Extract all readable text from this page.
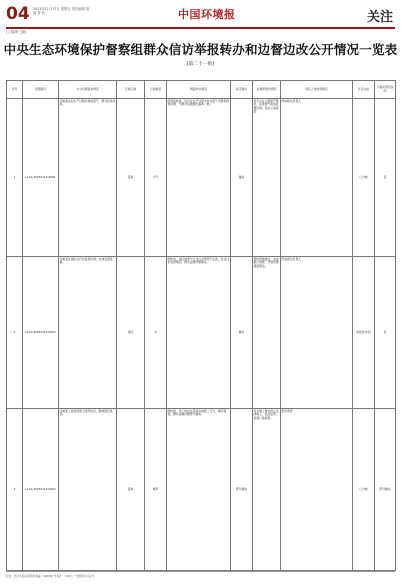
04 2023年11月17日 星期五 责任编辑 版 面 校 读	中国环境报	关注
(上接第三版)
中央生态环境保护督察组群众信访举报转办和边督边改公开情况一览表
(第二十一批)
序号	受理编号	交办问题基本情况	行政区域	污染类型	调查核实情况	是否属实	处理和整改情况	责任人被处理情况	是否完成	不属实情况说明
1	LJ-XX-20231115-0001	反映某企业生产过程中排放废气，群众投诉较多。	某县	大气	经现场核查，该企业生产过程中存在废气无组织排放问题，与群众反映情况基本一致。	属实	责令企业立即停产整改，完善废气收集处理设施，依法立案查处。	约谈相关负责人	已办结	是
2	LJ-XX-20231115-0002	反映某区域生活污水直排河道，水体发黑发臭。	某区	水	经核查，该区域部分生活污水管网不完善，存在污水直排情况，群众反映问题属实。	属实	加快管网建设，完成截污纳管，开展河道清淤整治。	约谈相关负责人	阶段性办结	是
3	LJ-XX-20231115-0003	反映某工地夜间施工噪声扰民，影响居民休息。	某市	噪声	经核查，该工地存在夜间违规施工行为，噪声超标，群众反映问题部分属实。	部分属实	责令施工单位停止夜间施工，依法处罚，加强日常监管。	批评教育	已办结	部分属实
社址：北京市某区某街道 邮编：100000 零售价：1.00元 广告经营许可证号
